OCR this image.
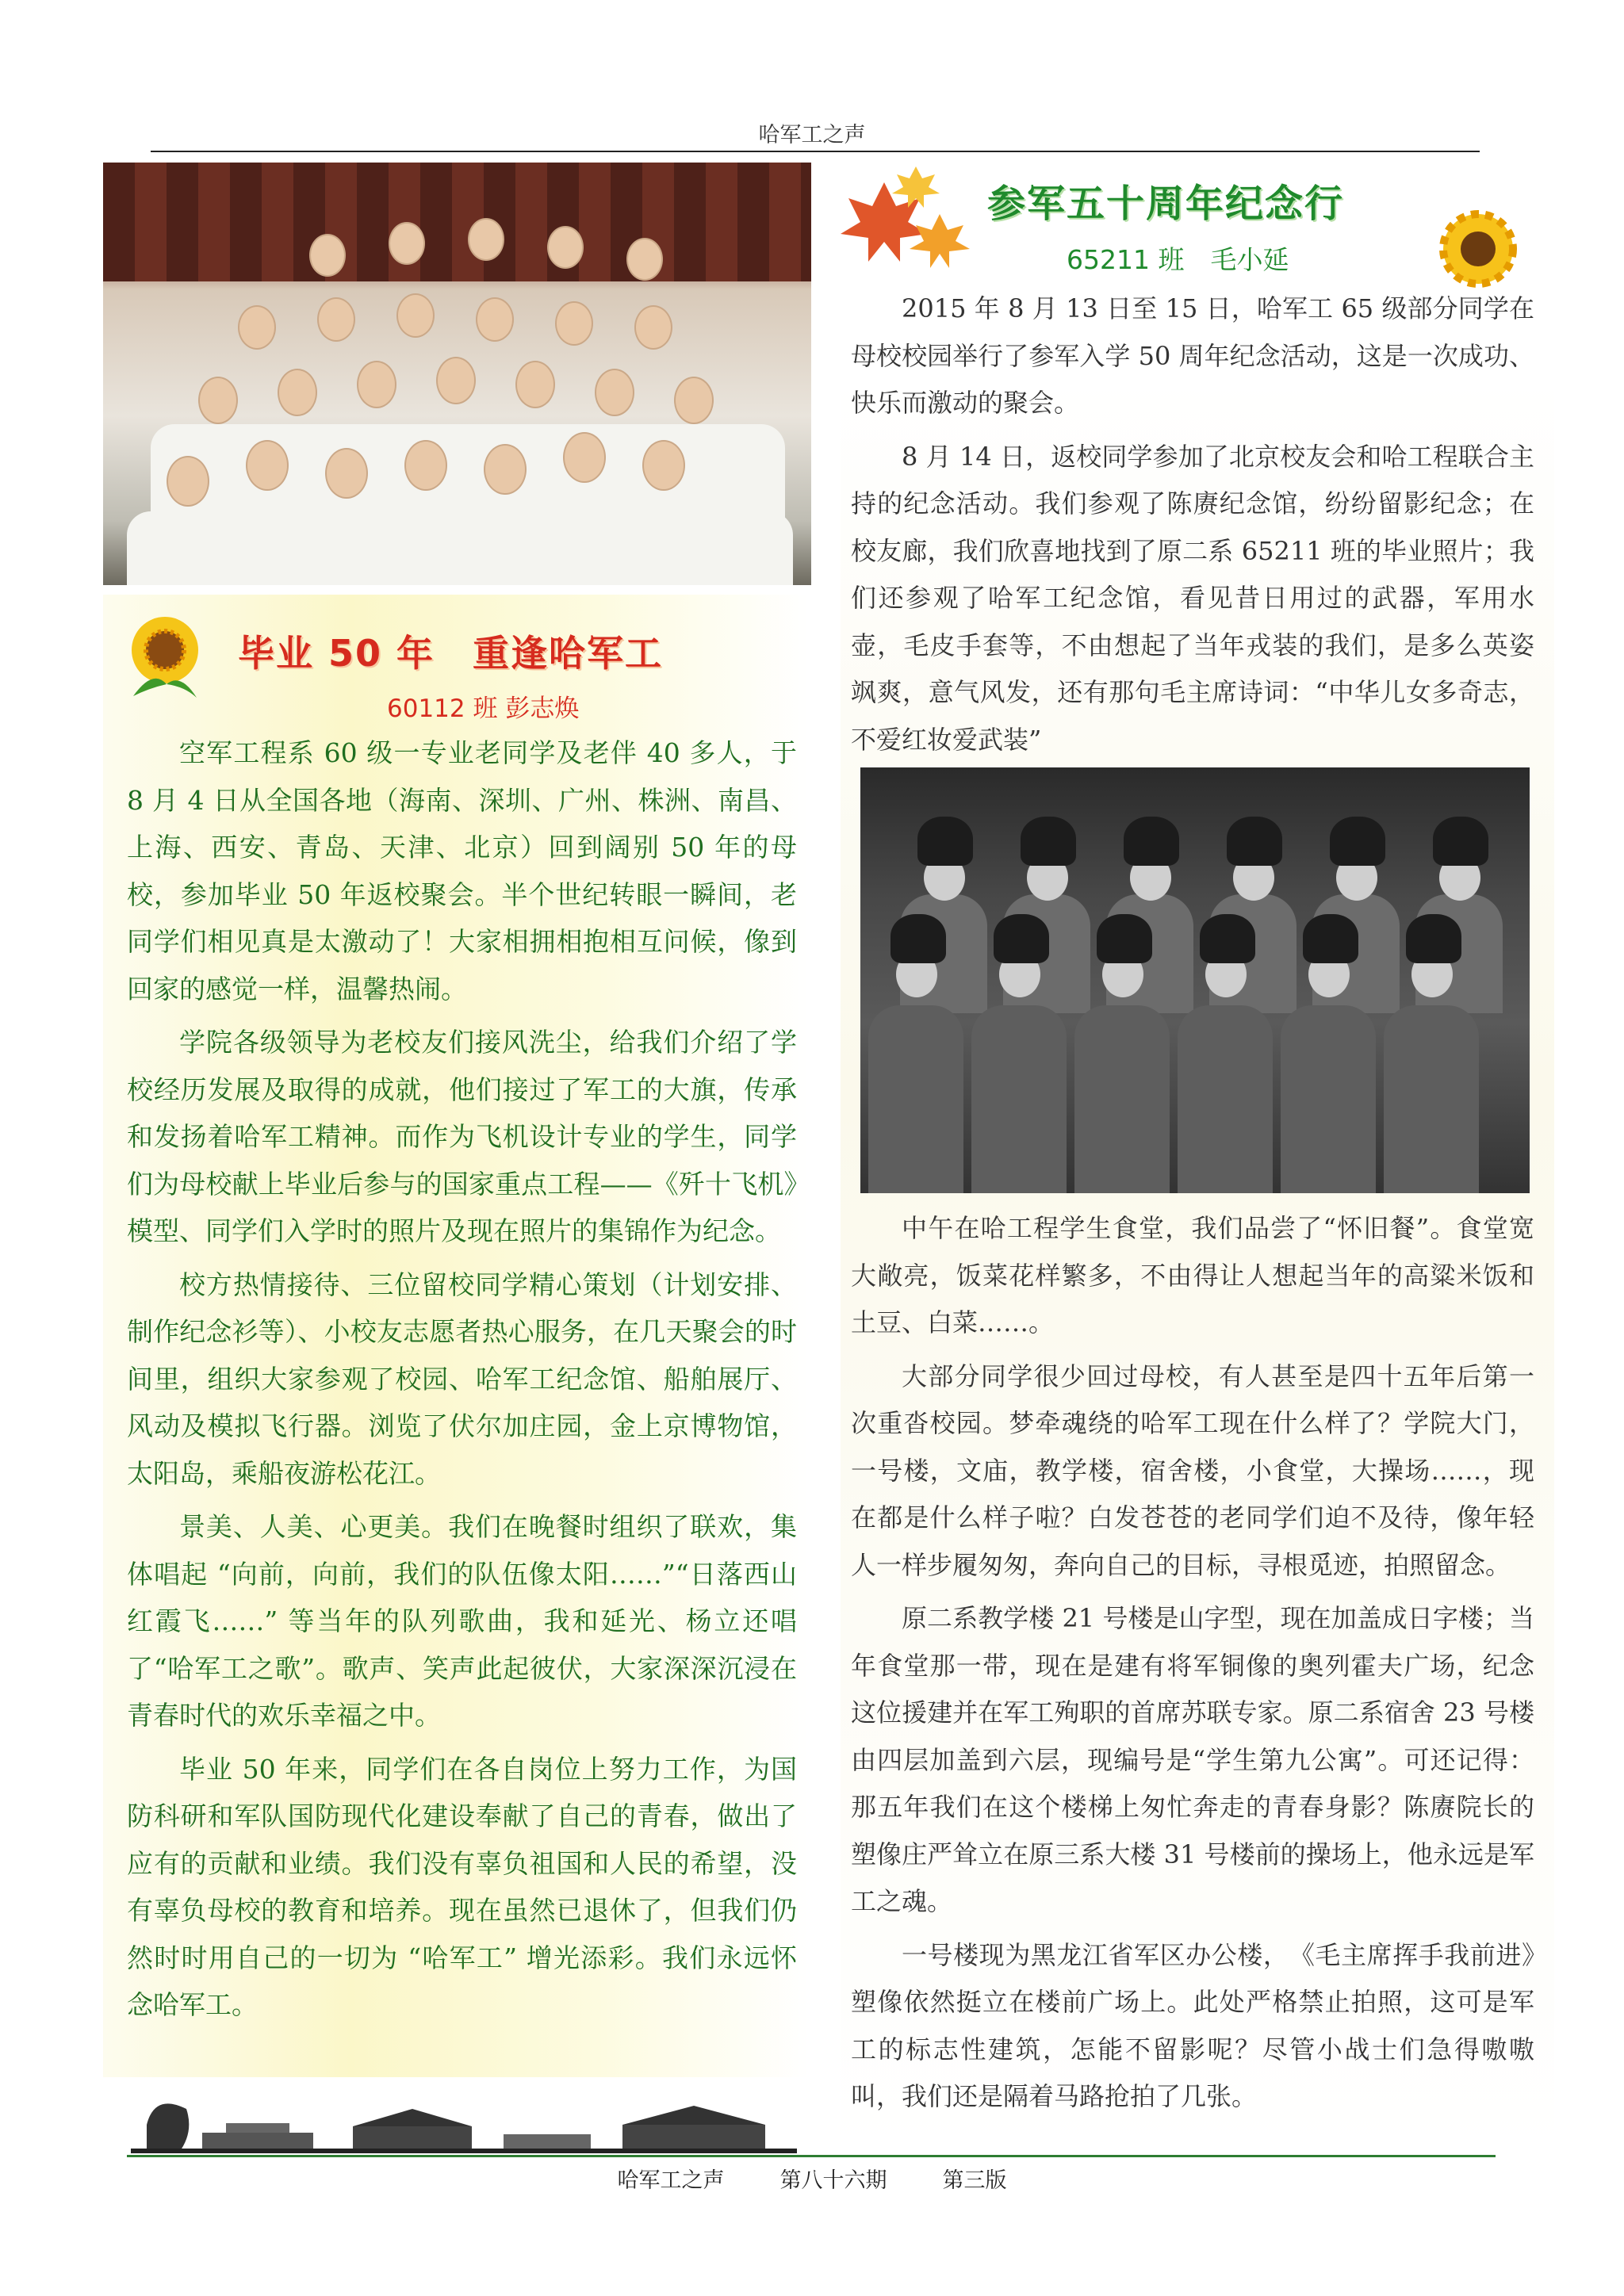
哈军工之声
毕业 50 年　重逢哈军工
60112 班 彭志焕

空军工程系 60 级一专业老同学及老伴 40 多人，于 8 月 4 日从全国各地（海南、深圳、广州、株洲、南昌、上海、西安、青岛、天津、北京）回到阔别 50 年的母校，参加毕业 50 年返校聚会。半个世纪转眼一瞬间，老同学们相见真是太激动了！大家相拥相抱相互问候，像到回家的感觉一样，温馨热闹。

学院各级领导为老校友们接风洗尘，给我们介绍了学校经历发展及取得的成就，他们接过了军工的大旗，传承和发扬着哈军工精神。而作为飞机设计专业的学生，同学们为母校献上毕业后参与的国家重点工程——《歼十飞机》模型、同学们入学时的照片及现在照片的集锦作为纪念。

校方热情接待、三位留校同学精心策划（计划安排、制作纪念衫等）、小校友志愿者热心服务，在几天聚会的时间里，组织大家参观了校园、哈军工纪念馆、船舶展厅、风动及模拟飞行器。浏览了伏尔加庄园，金上京博物馆，太阳岛，乘船夜游松花江。

景美、人美、心更美。我们在晚餐时组织了联欢，集体唱起 “向前，向前，我们的队伍像太阳……”“日落西山红霞飞……” 等当年的队列歌曲，我和延光、杨立还唱了“哈军工之歌”。歌声、笑声此起彼伏，大家深深沉浸在青春时代的欢乐幸福之中。

毕业 50 年来，同学们在各自岗位上努力工作，为国防科研和军队国防现代化建设奉献了自己的青春，做出了应有的贡献和业绩。我们没有辜负祖国和人民的希望，没有辜负母校的教育和培养。现在虽然已退休了，但我们仍然时时用自己的一切为 “哈军工” 增光添彩。我们永远怀念哈军工。

参军五十周年纪念行
65211 班　毛小延

2015 年 8 月 13 日至 15 日，哈军工 65 级部分同学在母校校园举行了参军入学 50 周年纪念活动，这是一次成功、快乐而激动的聚会。

8 月 14 日，返校同学参加了北京校友会和哈工程联合主持的纪念活动。我们参观了陈赓纪念馆，纷纷留影纪念；在校友廊，我们欣喜地找到了原二系 65211 班的毕业照片；我们还参观了哈军工纪念馆，看见昔日用过的武器，军用水壶，毛皮手套等，不由想起了当年戎装的我们，是多么英姿飒爽，意气风发，还有那句毛主席诗词：“中华儿女多奇志，不爱红妆爱武装”

中午在哈工程学生食堂，我们品尝了“怀旧餐”。食堂宽大敞亮，饭菜花样繁多，不由得让人想起当年的高粱米饭和土豆、白菜……。

大部分同学很少回过母校，有人甚至是四十五年后第一次重沓校园。梦牵魂绕的哈军工现在什么样了？学院大门，一号楼，文庙，教学楼，宿舍楼，小食堂，大操场……，现在都是什么样子啦？白发苍苍的老同学们迫不及待，像年轻人一样步履匆匆，奔向自己的目标，寻根觅迹，拍照留念。

原二系教学楼 21 号楼是山字型，现在加盖成日字楼；当年食堂那一带，现在是建有将军铜像的奥列霍夫广场，纪念这位援建并在军工殉职的首席苏联专家。原二系宿舍 23 号楼由四层加盖到六层，现编号是“学生第九公寓”。可还记得：那五年我们在这个楼梯上匆忙奔走的青春身影？陈赓院长的塑像庄严耸立在原三系大楼 31 号楼前的操场上，他永远是军工之魂。

一号楼现为黑龙江省军区办公楼，　《毛主席挥手我前进》塑像依然挺立在楼前广场上。此处严格禁止拍照，这可是军工的标志性建筑，怎能不留影呢？尽管小战士们急得嗷嗷叫，我们还是隔着马路抢拍了几张。

哈军工之声	第八十六期	第三版
